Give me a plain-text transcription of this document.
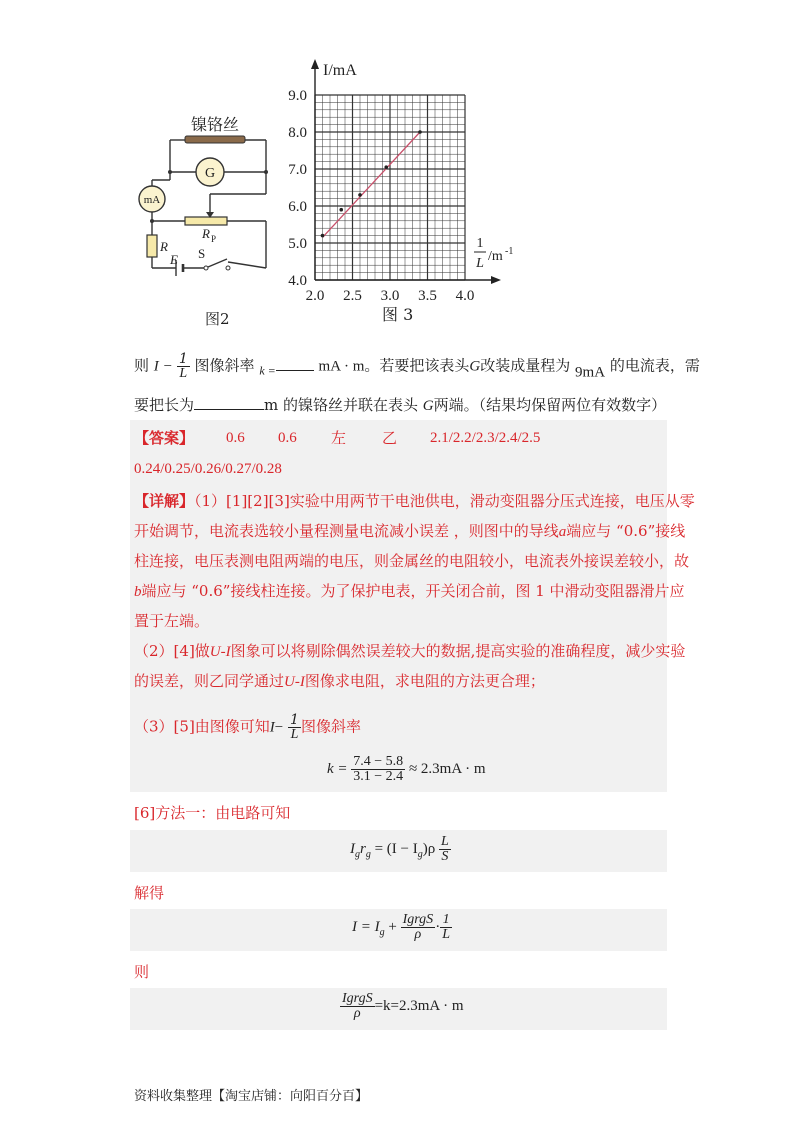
镍铬丝
G
mA
R P
R
E S
图2
9.0
8.0
7.0
6.0
5.0
4.0
2.0 2.5 3.0 3.5 4.0
I/mA
1
L /m -1
图 3
则 $I - \frac{1}{L}$ 图像斜率 $_{k =}$	mA · m。若要把该表头G改装成量程为 9mA 的电流表，需
要把长为	m 的镍铬丝并联在表头 G两端。（结果均保留两位有效数字）
【答案】 0.6 0.6 左 乙 2.1/2.2/2.3/2.4/2.5
0.24/0.25/0.26/0.27/0.28
【详解】（1）[1][2][3]实验中用两节干电池供电，滑动变阻器分压式连接，电压从零
开始调节，电流表选较小量程测量电流减小误差 ，则图中的导线a端应与 “0.6”接线
柱连接，电压表测电阻两端的电压，则金属丝的电阻较小，电流表外接误差较小，故
b端应与 “0.6”接线柱连接。为了保护电表，开关闭合前，图 1 中滑动变阻器滑片应
置于左端。
（2）[4]做U-I图象可以将剔除偶然误差较大的数据,提高实验的准确程度，减少实验
的误差，则乙同学通过U-I图像求电阻，求电阻的方法更合理；
（3）[5]由图像可知$I- \frac{1}{L}$ 图像斜率
$k = \frac{7.4 - 5.8}{3.1 - 2.4} \approx 2.3mA \cdot m$
[6]方法一：由电路可知
$I_gr_g = (I - I_g)\rho \frac{L}{S}$
解得
$I = I_g + \frac{\text{IgrgS}}{\rho} \cdot \frac{1}{L}$
则
$\frac{\text{IgrgS}}{\rho} =k=2.3mA \cdot m$
资料收集整理【淘宝店铺：向阳百分百】
